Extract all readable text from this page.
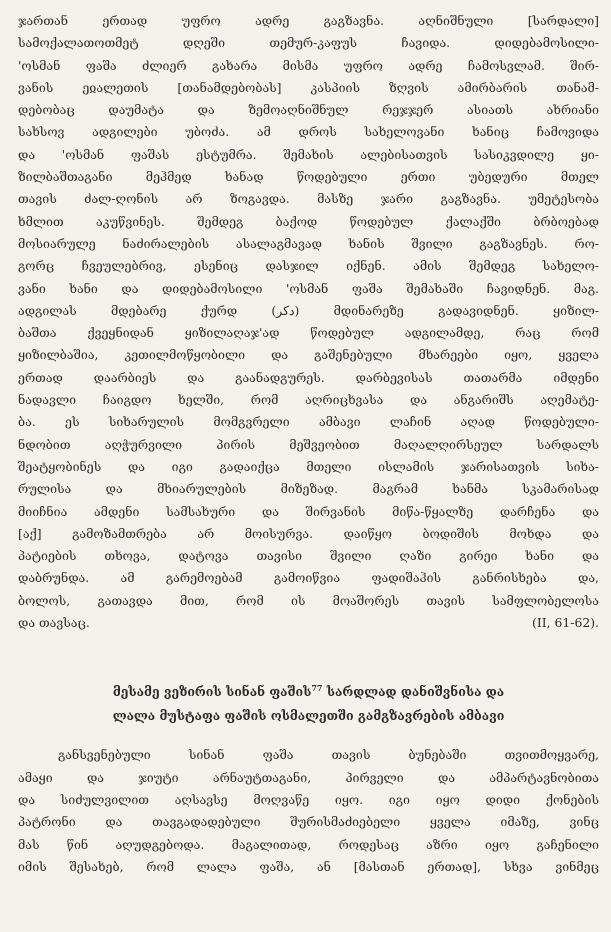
ჯართან ერთად უფრო ადრე გაგზავნა. აღნიშნული [სარდალი]

სამოქალათოთმეტ დღეში თემურ-კაფუს ჩავიდა. დიდებამოსილი-

'ოსმან ფაშა ძლიერ გახარა მისმა უფრო ადრე ჩამოსვლამ. შირ-

ვანის ეჲალეთის [თანამდებობას] კასპიის ზღვის ამირბარის თანამ-

დებობაც დაუმატა და ზემოაღნიშნულ რეჯჯერ ასიათს ახრიანი

სახსოვ ადგილები უბოძა. ამ დროს სახელოვანი ხანიც ჩამოვიდა

და 'ოსმან ფაშას ესტუმრა. შემახის ალებისათვის სასიკვდილე ყი-

ზილბაშთაგანი მეჰმედ ხანად წოდებული ერთი უბედური მთელ

თავის ძალ-ღონის არ ზოგავდა. მასზე ჯარი გაგზავნა. უმეტესობა

ხმლით აკუწვინეს. შემდეგ ბაქოდ წოდებულ ქალაქში ბრბოებად

მოსიარულე ნაძირალების ასალაგმავად ხანის შვილი გაგზავნეს. რო-

გორც ჩვეულებრივ, ესენიც დასჯილ იქნენ. ამის შემდეგ სახელო-

ვანი ხანი და დიდებამოსილი 'ოსმან ფაშა შემახაში ჩავიდნენ. მაგ.

ადგილას მდებარე ქურდ (دكر) მდინარეზე გადავიდნენ. ყიზილ-

ბაშთა ქვეყნიდან ყიზილაღაჯ'ად წოდებულ ადგილამდე, რაც რომ

ყიზილბაშია, კეთილმოწყობილი და გაშენებული მხარეები იყო, ყველა

ერთად დაარბიეს და გაანადგურეს. დარბევისას თათარმა იმდენი

ნადავლი ჩაიგდო ხელში, რომ აღრიცხვასა და ანგარიშს აღემატე-

ბა. ეს სიხარულის მომგვრელი ამბავი ლაჩინ აღად წოდებული-

ნდობით აღჭურვილი პირის მეშვეობით მაღალღირსეულ სარდალს

შეატყობინეს და იგი გადაიქცა მთელი ისლამის ჯარისათვის სიხა-

რულისა და მხიარულების მიზეზად. მაგრამ ხანმა სკამარისად

მიიჩნია ამდენი სამსახური და შირვანის მიწა-წყალზე დარჩენა და

[აქ] გამოზამთრება არ მოისურვა. დაიწყო ბოდიშის მოხდა და

პატიების თხოვა, დატოვა თავისი შვილი ღაზი გირეი ხანი და

დაბრუნდა. ამ გარემოებამ გამოიწვია ფადიშაჰის განრისხება და,

ბოლოს, გათავდა მით, რომ ის მოაშორეს თავის სამფლობელოსა

და თავსაც.	(II, 61-62).
მესამე ვეზირის სინან ფაშის$^{77}$ სარდლად დანიშვნისა და
ლალა მუსტაფა ფაშის ოსმალეთში გამგზავრების ამბავი

განსვენებული სინან ფაშა თავის ბუნებაში თვითმოყვარე,

ამაყი და ჯიუტი არნაუტთაგანი, პირველი და ამპარტავნობითა

და სიძულვილით აღსავსე მოღვაწე იყო. იგი იყო დიდი ქონების

პატრონი და თავგადადებული შურისმაძიებელი ყველა იმაზე, ვინც

მას წინ აღუდგებოდა. მაგალითად, როდესაც აზრი იყო გაჩენილი

იმის შესახებ, რომ ლალა ფაშა, ან [მასთან ერთად], სხვა ვინმეც
